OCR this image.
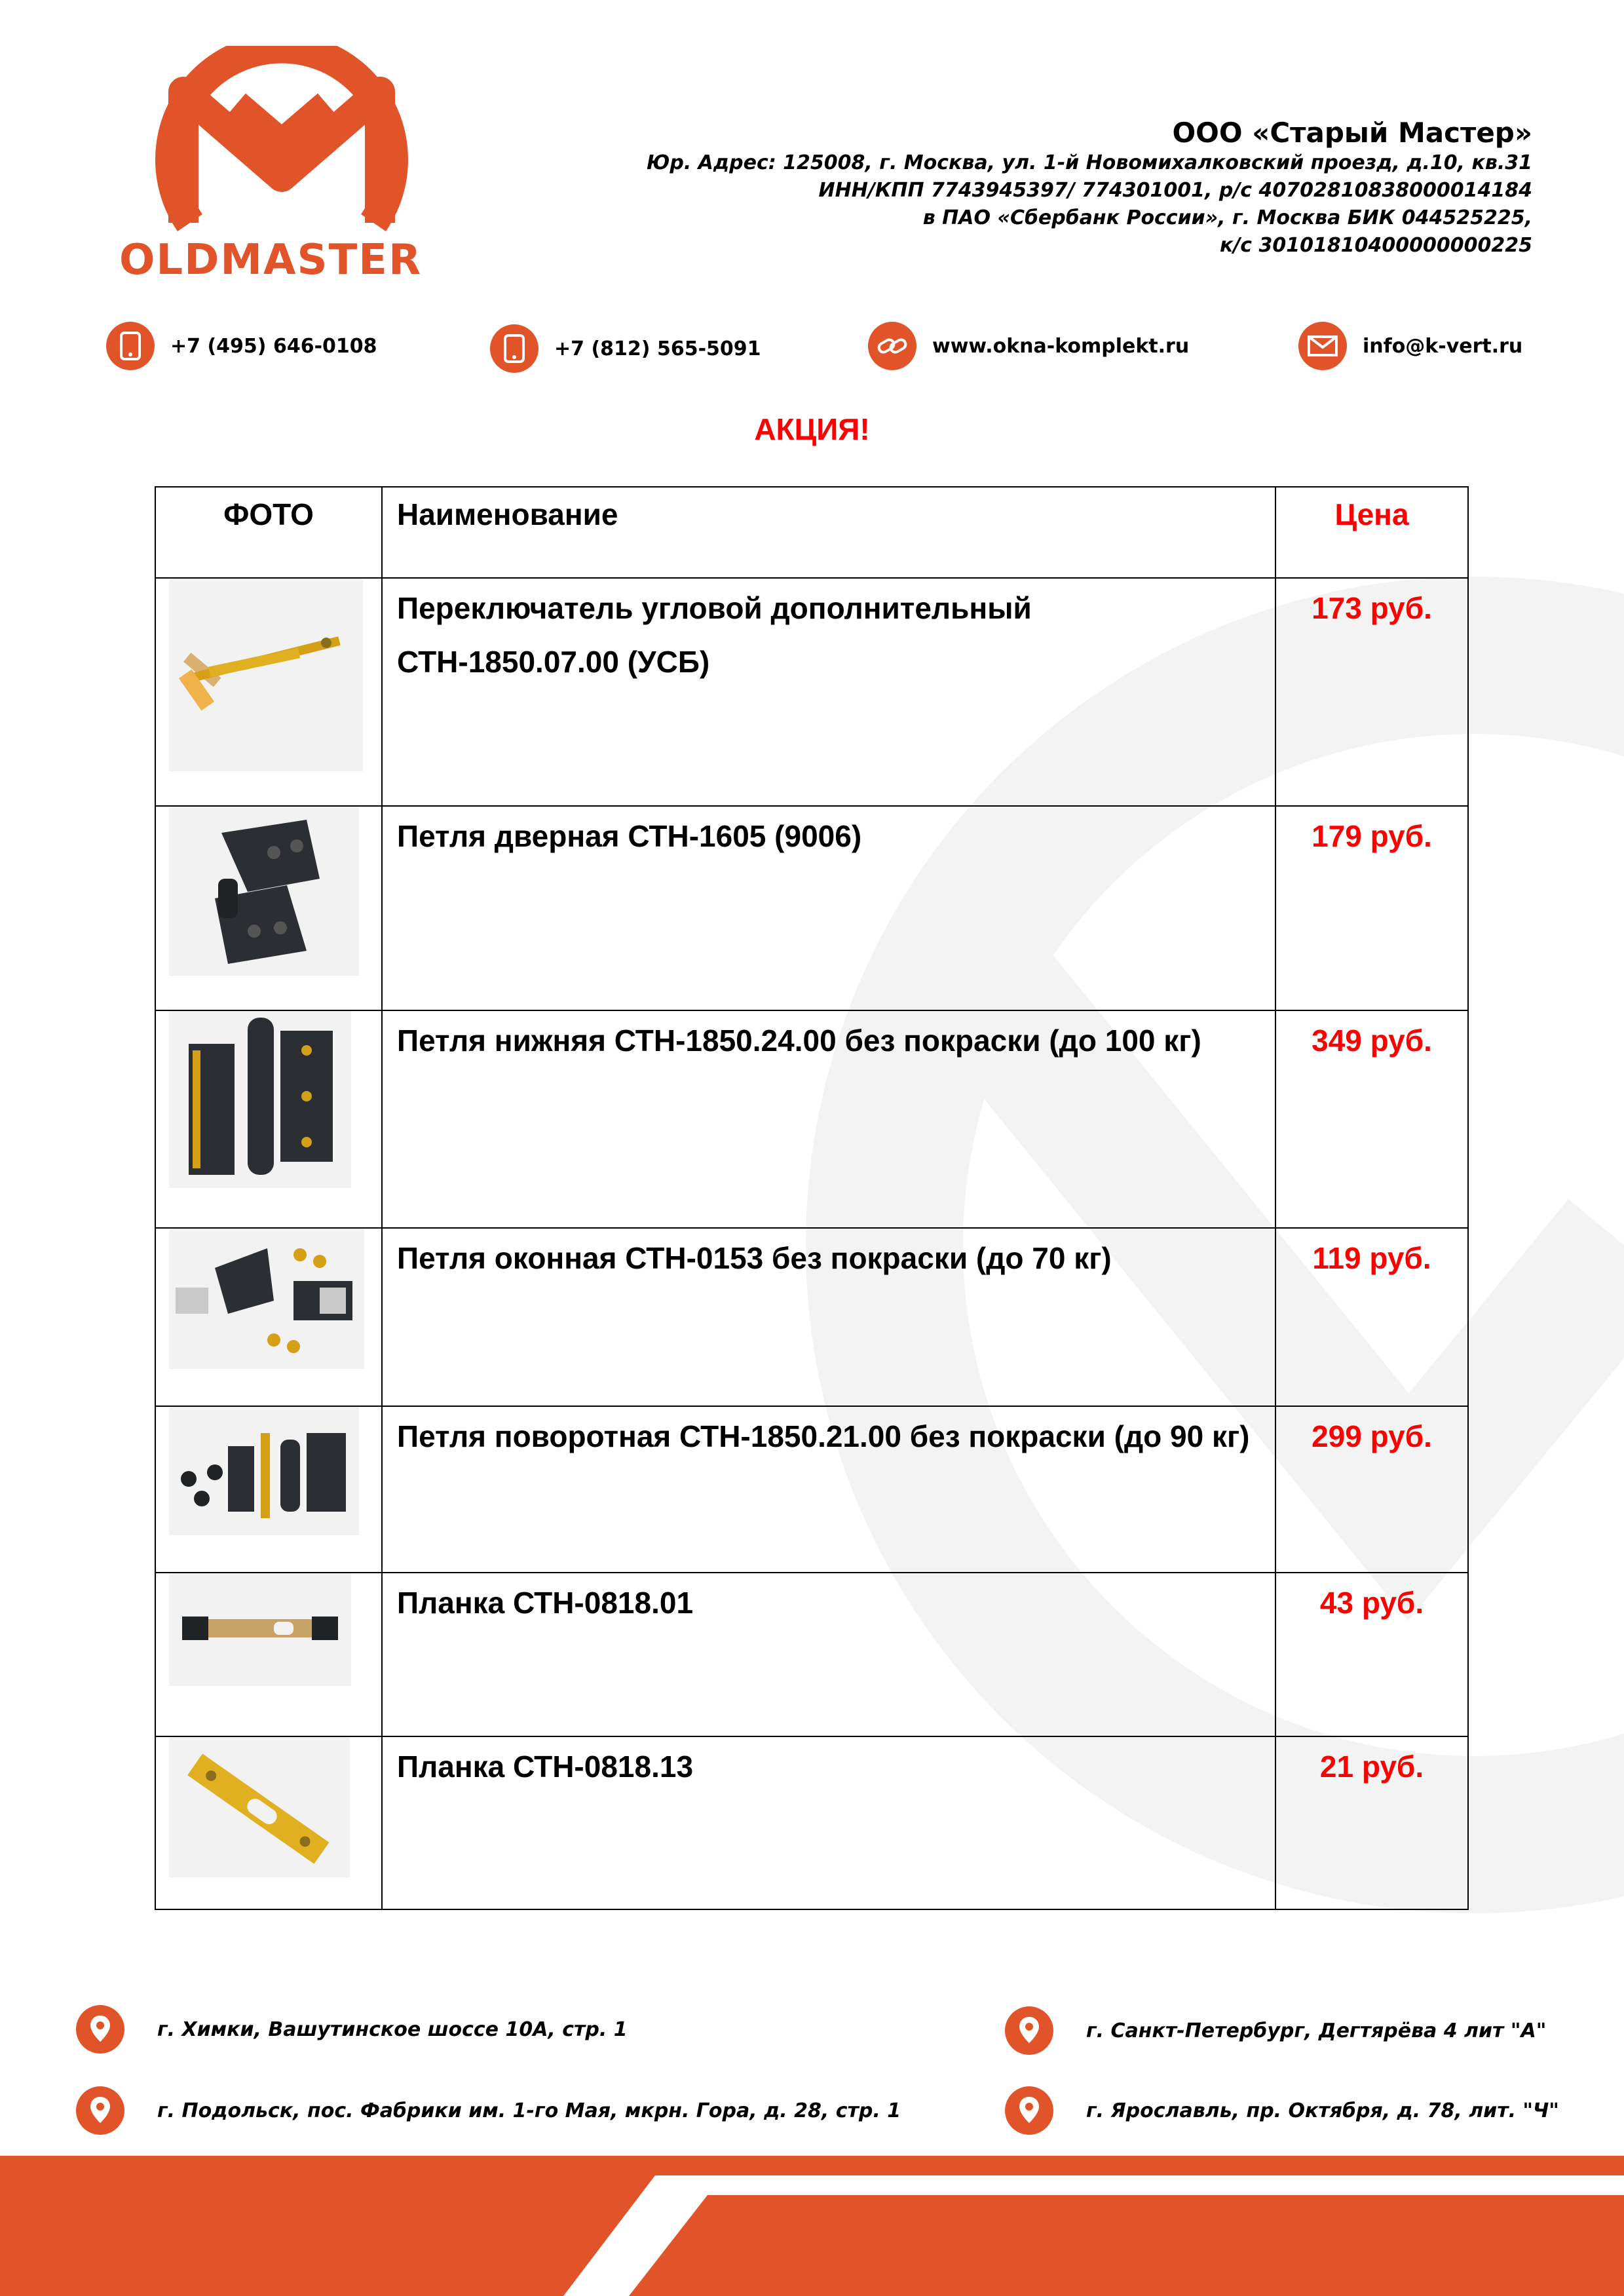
OLDMASTER
ООО «Старый Мастер»
Юр. Адрес: 125008, г. Москва, ул. 1-й Новомихалковский проезд, д.10, кв.31
ИНН/КПП 7743945397/ 774301001, р/с 40702810838000014184
в ПАО «Сбербанк России», г. Москва БИК 044525225,
к/с 30101810400000000225
+7 (495) 646-0108	+7 (812) 565-5091	www.okna-komplekt.ru	info@k-vert.ru
АКЦИЯ!
ФОТО	Наименование	Цена

	Переключатель угловой дополнительный СТН-1850.07.00 (УСБ)	173 руб.

	Петля дверная СТН-1605 (9006)	179 руб.

	Петля нижняя СТН-1850.24.00 без покраски (до 100 кг)	349 руб.

	Петля оконная СТН-0153 без покраски (до 70 кг)	119 руб.

	Петля поворотная СТН-1850.21.00 без покраски (до 90 кг)	299 руб.

	Планка СТН-0818.01	43 руб.

	Планка СТН-0818.13	21 руб.
г. Химки, Вашутинское шоссе 10А, стр. 1	г. Санкт-Петербург, Дегтярёва 4 лит "А"
г. Подольск, пос. Фабрики им. 1-го Мая, мкрн. Гора, д. 28, стр. 1	г. Ярославль, пр. Октября, д. 78, лит. "Ч"
